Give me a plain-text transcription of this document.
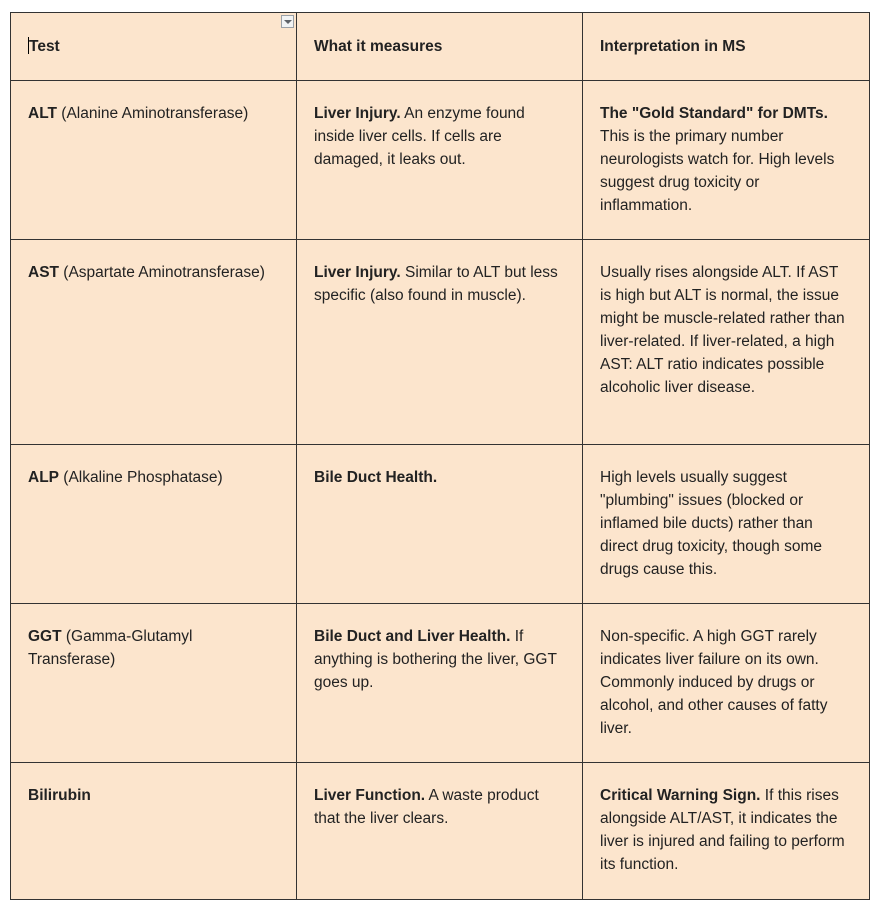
Test	What it measures	Interpretation in MS
ALT (Alanine Aminotransferase)	Liver Injury. An enzyme found inside liver cells. If cells are damaged, it leaks out.	The "Gold Standard" for DMTs. This is the primary number neurologists watch for. High levels suggest drug toxicity or inflammation.
AST (Aspartate Aminotransferase)	Liver Injury. Similar to ALT but less specific (also found in muscle).	Usually rises alongside ALT. If AST is high but ALT is normal, the issue might be muscle-related rather than liver-related. If liver-related, a high AST: ALT ratio indicates possible alcoholic liver disease.
ALP (Alkaline Phosphatase)	Bile Duct Health.	High levels usually suggest "plumbing" issues (blocked or inflamed bile ducts) rather than direct drug toxicity, though some drugs cause this.
GGT (Gamma-Glutamyl Transferase)	Bile Duct and Liver Health. If anything is bothering the liver, GGT goes up.	Non-specific. A high GGT rarely indicates liver failure on its own. Commonly induced by drugs or alcohol, and other causes of fatty liver.
Bilirubin	Liver Function. A waste product that the liver clears.	Critical Warning Sign. If this rises alongside ALT/AST, it indicates the liver is injured and failing to perform its function.
